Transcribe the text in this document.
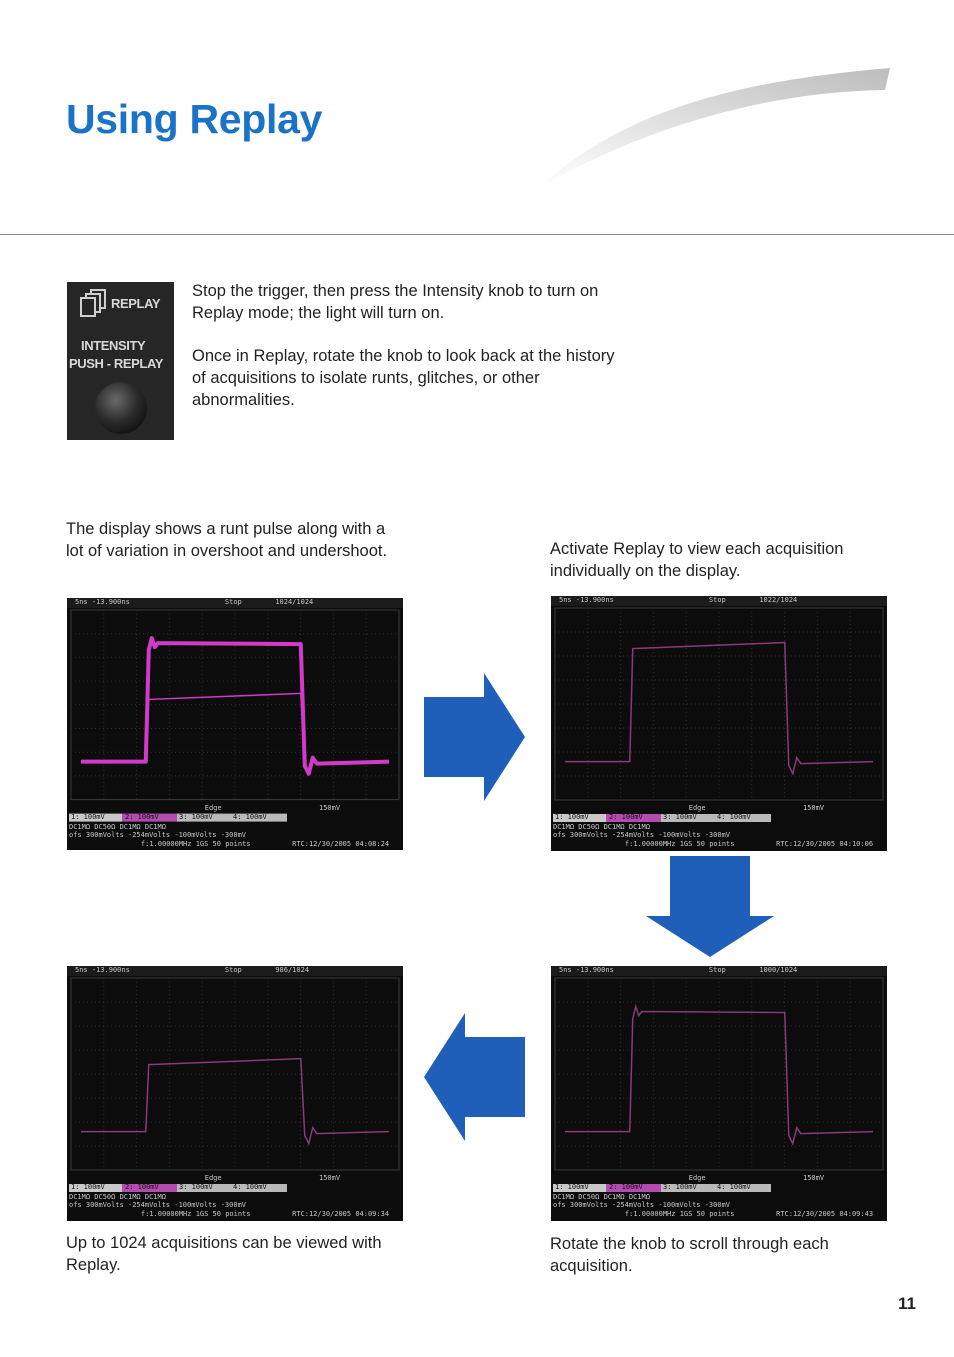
Using Replay
REPLAY
INTENSITY
PUSH - REPLAY
Stop the trigger, then press the Intensity knob to turn on Replay mode; the light will turn on.
Once in Replay, rotate the knob to look back at the history of acquisitions to isolate runts, glitches, or other abnormalities.
The display shows a runt pulse along with a lot of variation in overshoot and undershoot.	Activate Replay to view each acquisition individually on the display.
Up to 1024 acquisitions can be viewed with Replay.
Rotate the knob to scroll through each acquisition.
5ns -13.900ns	Stop	1024/1024
Edge	150mV
1: 100mV	2: 100mV	3: 100mV	4: 100mV
DC1MΩ DC50Ω DC1MΩ DC1MΩ
ofs 300mVolts -254mVolts -100mVolts -300mV
f:1.00000MHz 1GS 50 points	RTC:12/30/2005 04:08:24
5ns -13.900ns	Stop	1022/1024
Edge	150mV
1: 100mV	2: 100mV	3: 100mV	4: 100mV
DC1MΩ DC50Ω DC1MΩ DC1MΩ
ofs 300mVolts -254mVolts -100mVolts -300mV
f:1.00000MHz 1GS 50 points	RTC:12/30/2005 04:10:06
5ns -13.900ns	Stop	986/1024
Edge	150mV
1: 100mV	2: 100mV	3: 100mV	4: 100mV
DC1MΩ DC50Ω DC1MΩ DC1MΩ
ofs 300mVolts -254mVolts -100mVolts -300mV
f:1.00000MHz 1GS 50 points	RTC:12/30/2005 04:09:34
5ns -13.900ns	Stop	1000/1024
Edge	150mV
1: 100mV	2: 100mV	3: 100mV	4: 100mV
DC1MΩ DC50Ω DC1MΩ DC1MΩ
ofs 300mVolts -254mVolts -100mVolts -300mV
f:1.00000MHz 1GS 50 points	RTC:12/30/2005 04:09:43
11
